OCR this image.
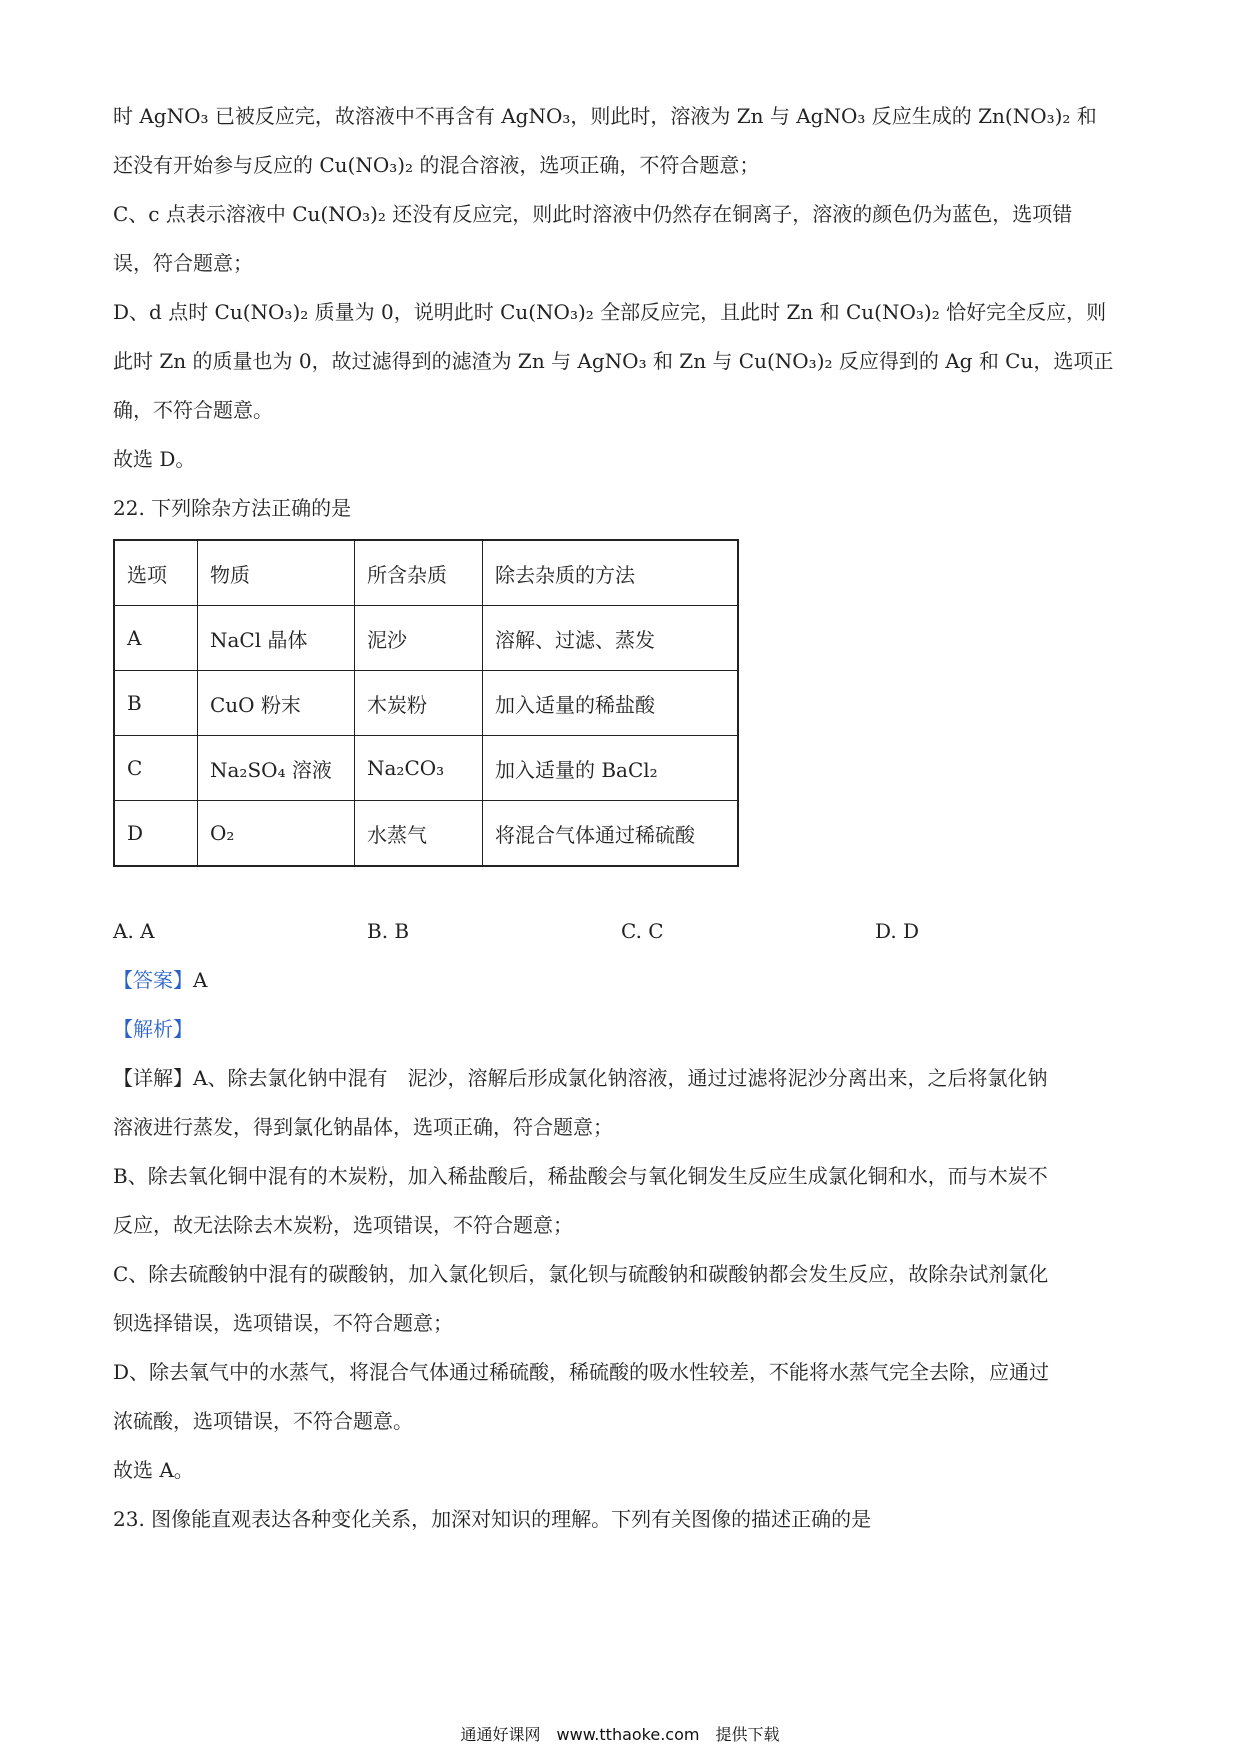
时 AgNO₃ 已被反应完，故溶液中不再含有 AgNO₃，则此时，溶液为 Zn 与 AgNO₃ 反应生成的 Zn(NO₃)₂ 和

还没有开始参与反应的 Cu(NO₃)₂ 的混合溶液，选项正确，不符合题意；

C、c 点表示溶液中 Cu(NO₃)₂ 还没有反应完，则此时溶液中仍然存在铜离子，溶液的颜色仍为蓝色，选项错

误，符合题意；

D、d 点时 Cu(NO₃)₂ 质量为 0，说明此时 Cu(NO₃)₂ 全部反应完，且此时 Zn 和 Cu(NO₃)₂ 恰好完全反应，则

此时 Zn 的质量也为 0，故过滤得到的滤渣为 Zn 与 AgNO₃ 和 Zn 与 Cu(NO₃)₂ 反应得到的 Ag 和 Cu，选项正

确，不符合题意。

故选 D。

22. 下列除杂方法正确的是

选项	物质	所含杂质	除去杂质的方法
A	NaCl 晶体	泥沙	溶解、过滤、蒸发
B	CuO 粉末	木炭粉	加入适量的稀盐酸
C	Na₂SO₄ 溶液	Na₂CO₃	加入适量的 BaCl₂
D	O₂	水蒸气	将混合气体通过稀硫酸
A. A	B. B	C. C	D. D

【答案】A

【解析】

【详解】A、除去氯化钠中混有　泥沙，溶解后形成氯化钠溶液，通过过滤将泥沙分离出来，之后将氯化钠

溶液进行蒸发，得到氯化钠晶体，选项正确，符合题意；

B、除去氧化铜中混有的木炭粉，加入稀盐酸后，稀盐酸会与氧化铜发生反应生成氯化铜和水，而与木炭不

反应，故无法除去木炭粉，选项错误，不符合题意；

C、除去硫酸钠中混有的碳酸钠，加入氯化钡后，氯化钡与硫酸钠和碳酸钠都会发生反应，故除杂试剂氯化

钡选择错误，选项错误，不符合题意；

D、除去氧气中的水蒸气，将混合气体通过稀硫酸，稀硫酸的吸水性较差，不能将水蒸气完全去除，应通过

浓硫酸，选项错误，不符合题意。

故选 A。

23. 图像能直观表达各种变化关系，加深对知识的理解。下列有关图像的描述正确的是

通通好课网　www.tthaoke.com　提供下载
